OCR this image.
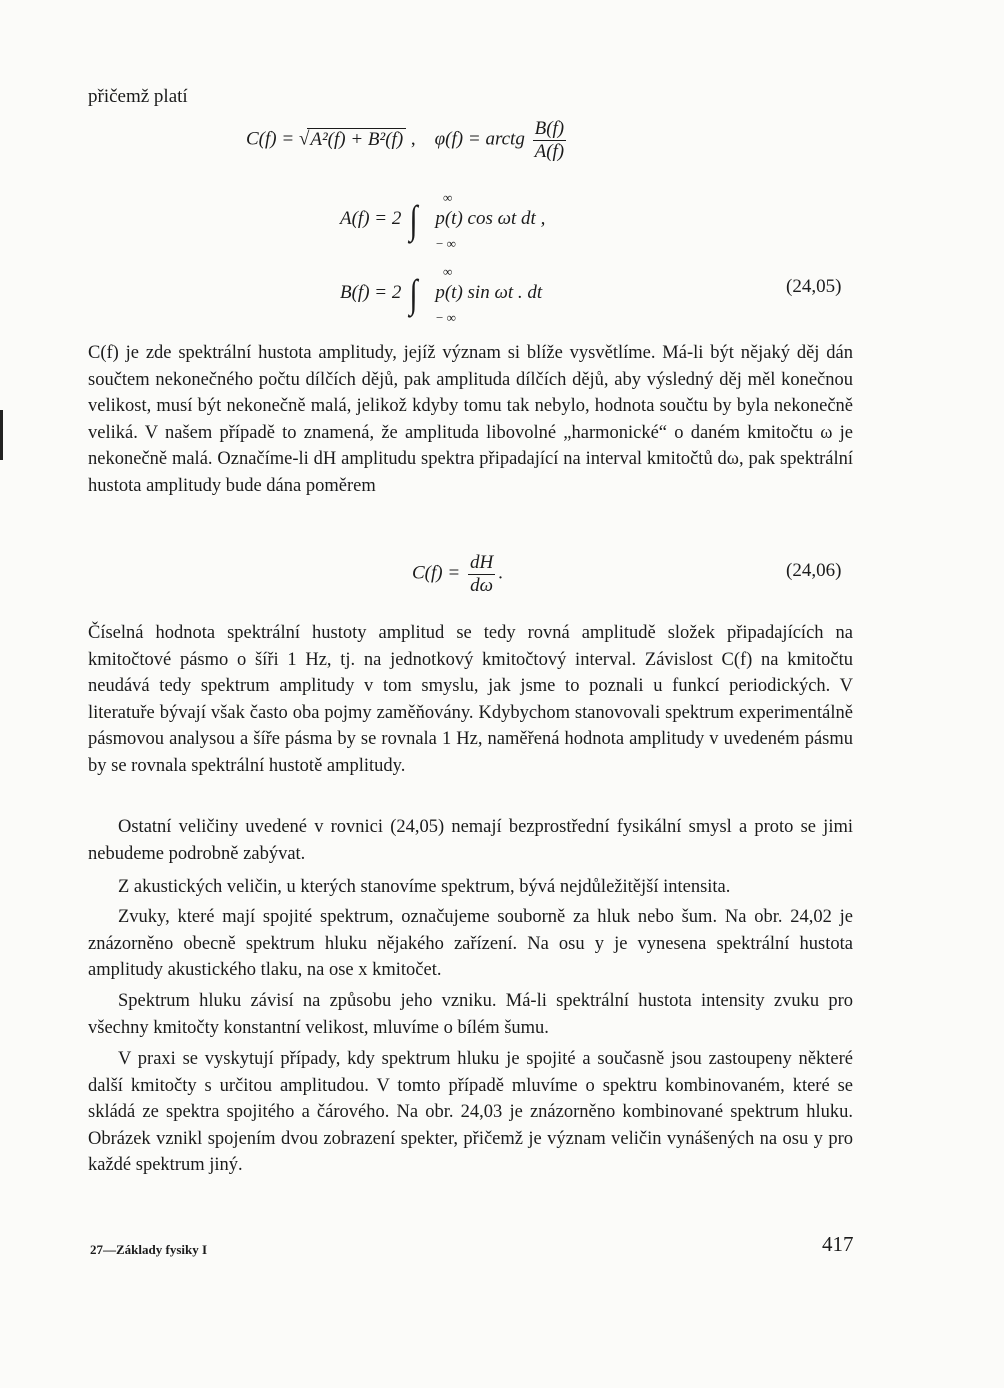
přičemž platí
C(f) = √A²(f) + B²(f) , φ(f) = arctg $\frac{B(f)}{A(f)}$
A(f) = 2 ∫ ∞
− ∞
p(t) cos ωt dt ,
B(f) = 2 ∫ ∞
− ∞
p(t) sin ωt . dt	(24,05)

C(f) je zde spektrální hustota amplitudy, jejíž význam si blíže vysvětlíme. Má-li být nějaký děj dán součtem nekonečného počtu dílčích dějů, pak amplituda dílčích dějů, aby výsledný děj měl konečnou velikost, musí být nekonečně malá, jelikož kdyby tomu tak nebylo, hodnota součtu by byla nekonečně veliká. V našem případě to znamená, že amplituda libovolné „harmonické“ o daném kmitočtu ω je nekonečně malá. Označíme-li dH amplitudu spektra připadající na interval kmitočtů dω, pak spektrální hustota amplitudy bude dána poměrem

$C(f) = \frac{dH}{d\omega}$ .	(24,06)

Číselná hodnota spektrální hustoty amplitud se tedy rovná amplitudě složek připadajících na kmitočtové pásmo o šíři 1 Hz, tj. na jednotkový kmitočtový interval. Závislost C(f) na kmitočtu neudává tedy spektrum amplitudy v tom smyslu, jak jsme to poznali u funkcí periodických. V literatuře bývají však často oba pojmy zaměňovány. Kdybychom stanovovali spektrum experimentálně pásmovou analysou a šíře pásma by se rovnala 1 Hz, naměřená hodnota amplitudy v uvedeném pásmu by se rovnala spektrální hustotě amplitudy.

Ostatní veličiny uvedené v rovnici (24,05) nemají bezprostřední fysikální smysl a proto se jimi nebudeme podrobně zabývat.

Z akustických veličin, u kterých stanovíme spektrum, bývá nejdůležitější intensita.

Zvuky, které mají spojité spektrum, označujeme souborně za hluk nebo šum. Na obr. 24,02 je znázorněno obecně spektrum hluku nějakého zařízení. Na osu y je vynesena spektrální hustota amplitudy akustického tlaku, na ose x kmitočet.

Spektrum hluku závisí na způsobu jeho vzniku. Má-li spektrální hustota intensity zvuku pro všechny kmitočty konstantní velikost, mluvíme o bílém šumu.

V praxi se vyskytují případy, kdy spektrum hluku je spojité a současně jsou zastoupeny některé další kmitočty s určitou amplitudou. V tomto případě mluvíme o spektru kombinovaném, které se skládá ze spektra spojitého a čárového. Na obr. 24,03 je znázorněno kombinované spektrum hluku. Obrázek vznikl spojením dvou zobrazení spekter, přičemž je význam veličin vynášených na osu y pro každé spektrum jiný.

27—Základy fysiky I	417
